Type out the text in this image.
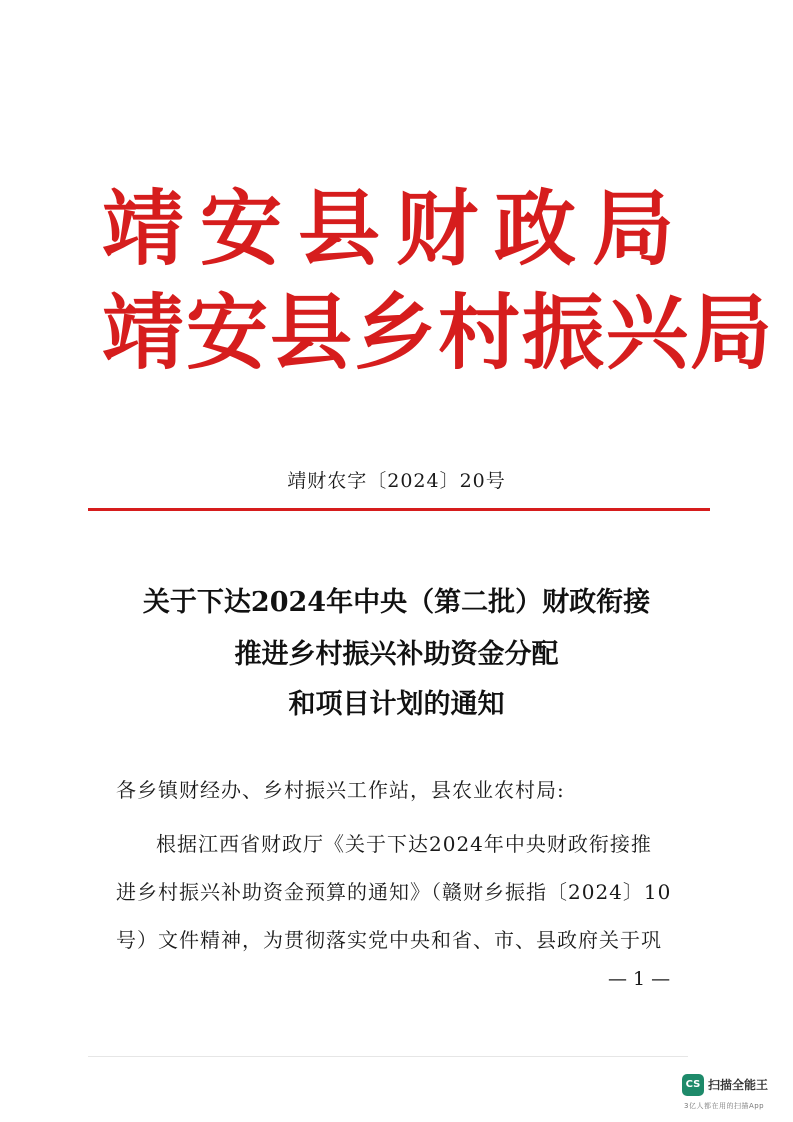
靖安县财政局
靖安县乡村振兴局
靖财农字〔2024〕20号
关于下达2024年中央（第二批）财政衔接
推进乡村振兴补助资金分配
和项目计划的通知
各乡镇财经办、乡村振兴工作站，县农业农村局:
根据江西省财政厅《关于下达2024年中央财政衔接推
进乡村振兴补助资金预算的通知》（赣财乡振指〔2024〕10
号）文件精神，为贯彻落实党中央和省、市、县政府关于巩
— 1 —
CS 扫描全能王
3亿人都在用的扫描App
